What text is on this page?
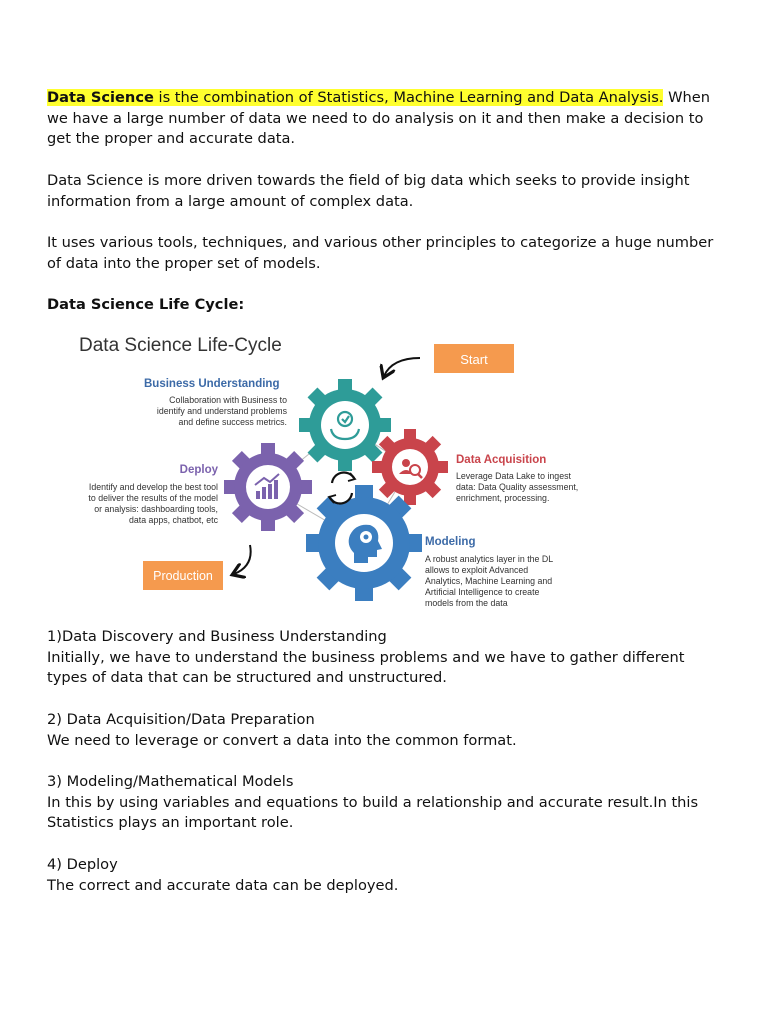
Data Science is the combination of Statistics, Machine Learning and Data Analysis. When we have a large number of data we need to do analysis on it and then make a decision to get the proper and accurate data.

Data Science is more driven towards the field of big data which seeks to provide insight information from a large amount of complex data.

It uses various tools, techniques, and various other principles to categorize a huge number of data into the proper set of models.

Data Science Life Cycle:

Data Science Life-Cycle
Start
Production
Business Understanding
Collaboration with Business to
identify and understand problems
and define success metrics.
Deploy
Identify and develop the best tool
to deliver the results of the model
or analysis: dashboarding tools,
data apps, chatbot, etc
Data Acquisition
Leverage Data Lake to ingest
data: Data Quality assessment,
enrichment, processing.
Modeling
A robust analytics layer in the DL
allows to exploit Advanced
Analytics, Machine Learning and
Artificial Intelligence to create
models from the data

1)Data Discovery and Business Understanding
Initially, we have to understand the business problems and we have to gather different types of data that can be structured and unstructured.

2) Data Acquisition/Data Preparation
We need to leverage or convert a data into the common format.

3) Modeling/Mathematical Models
In this by using variables and equations to build a relationship and accurate result.In this Statistics plays an important role.

4) Deploy
The correct and accurate data can be deployed.
